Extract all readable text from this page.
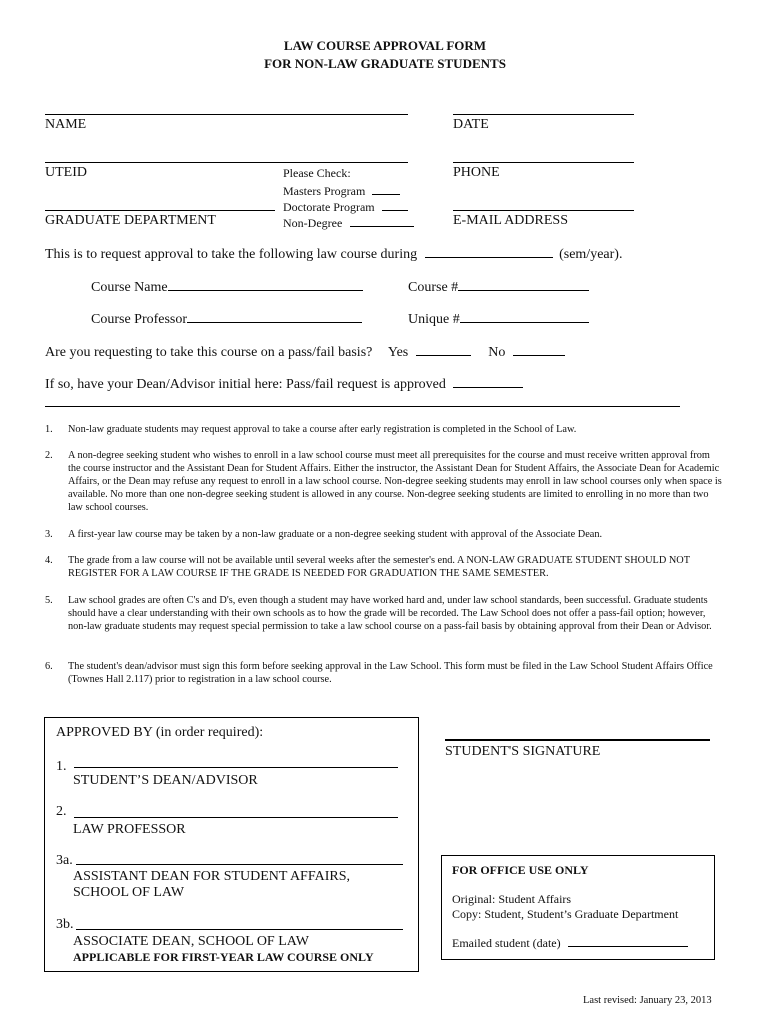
LAW COURSE APPROVAL FORM
FOR NON-LAW GRADUATE STUDENTS
NAME	DATE
UTEID	PHONE
Please Check:
Masters Program
Doctorate Program
Non-Degree
GRADUATE DEPARTMENT	E-MAIL ADDRESS
This is to request approval to take the following law course during	(sem/year).
Course Name	Course #
Course Professor	Unique #
Are you requesting to take this course on a pass/fail basis? Yes	No
If so, have your Dean/Advisor initial here: Pass/fail request is approved
1. Non-law graduate students may request approval to take a course after early registration is completed in the School of Law.
2. A non-degree seeking student who wishes to enroll in a law school course must meet all prerequisites for the course and must receive written approval from the course instructor and the Assistant Dean for Student Affairs. Either the instructor, the Assistant Dean for Student Affairs, the Associate Dean for Academic Affairs, or the Dean may refuse any request to enroll in a law school course. Non-degree seeking students may enroll in law school courses only when space is available. No more than one non-degree seeking student is allowed in any course. Non-degree seeking students are limited to enrolling in no more than two law school courses.
3. A first-year law course may be taken by a non-law graduate or a non-degree seeking student with approval of the Associate Dean.
4. The grade from a law course will not be available until several weeks after the semester's end. A NON-LAW GRADUATE STUDENT SHOULD NOT REGISTER FOR A LAW COURSE IF THE GRADE IS NEEDED FOR GRADUATION THE SAME SEMESTER.
5. Law school grades are often C's and D's, even though a student may have worked hard and, under law school standards, been successful. Graduate students should have a clear understanding with their own schools as to how the grade will be recorded. The Law School does not offer a pass-fail option; however, non-law graduate students may request special permission to take a law school course on a pass-fail basis by obtaining approval from their Dean or Advisor.
6. The student's dean/advisor must sign this form before seeking approval in the Law School. This form must be filed in the Law School Student Affairs Office (Townes Hall 2.117) prior to registration in a law school course.
APPROVED BY (in order required):
1.
STUDENT’S DEAN/ADVISOR
2.
LAW PROFESSOR
3a.
ASSISTANT DEAN FOR STUDENT AFFAIRS,
SCHOOL OF LAW
3b.
ASSOCIATE DEAN, SCHOOL OF LAW
APPLICABLE FOR FIRST-YEAR LAW COURSE ONLY
STUDENT'S SIGNATURE
FOR OFFICE USE ONLY
Original: Student Affairs
Copy: Student, Student’s Graduate Department
Emailed student (date)
Last revised: January 23, 2013
